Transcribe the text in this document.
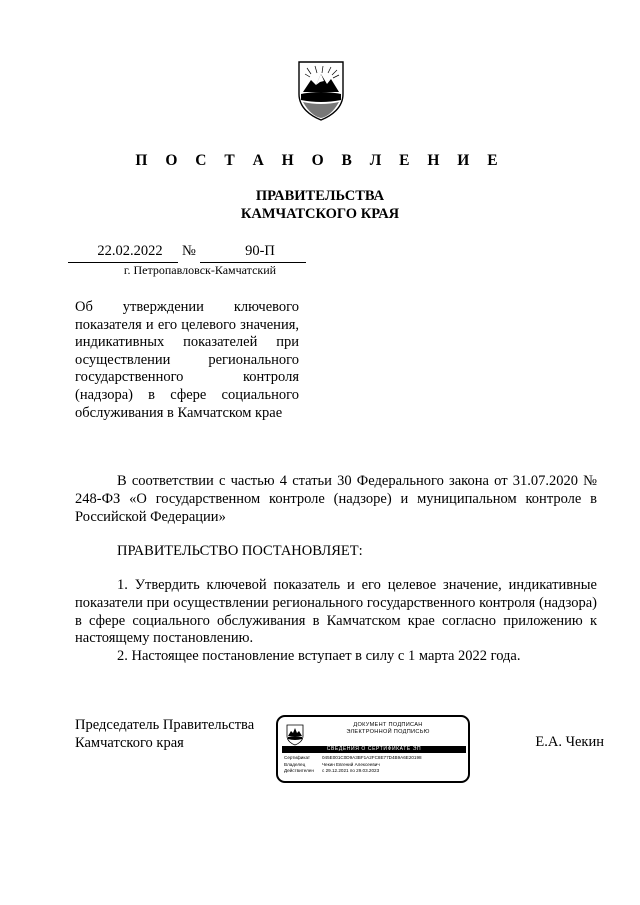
П О С Т А Н О В Л Е Н И Е
ПРАВИТЕЛЬСТВА
КАМЧАТСКОГО КРАЯ
22.02.2022	№	90-П
г. Петропавловск-Камчатский
Об утверждении ключевого показателя и его целевого значения, индикативных показателей при осуществлении регионального государственного контроля (надзора) в сфере социального обслуживания в Камчатском крае
В соответствии с частью 4 статьи 30 Федерального закона от 31.07.2020 № 248-ФЗ «О государственном контроле (надзоре) и муниципальном контроле в Российской Федерации»
ПРАВИТЕЛЬСТВО ПОСТАНОВЛЯЕТ:
1. Утвердить ключевой показатель и его целевое значение, индикативные показатели при осуществлении регионального государственного контроля (надзора) в сфере социального обслуживания в Камчатском крае согласно приложению к настоящему постановлению.
2. Настоящее постановление вступает в силу с 1 марта 2022 года.
Председатель Правительства
Камчатского края	Е.А. Чекин
ДОКУМЕНТ ПОДПИСАН
ЭЛЕКТРОННОЙ ПОДПИСЬЮ
СВЕДЕНИЯ О СЕРТИФИКАТЕ ЭП
Сертификат	045E001C0D9A3BF1A2FC8E77D4B9A6E20198
Владелец	Чекин Евгений Алексеевич
Действителен с 29.12.2021 по 29.03.2023
